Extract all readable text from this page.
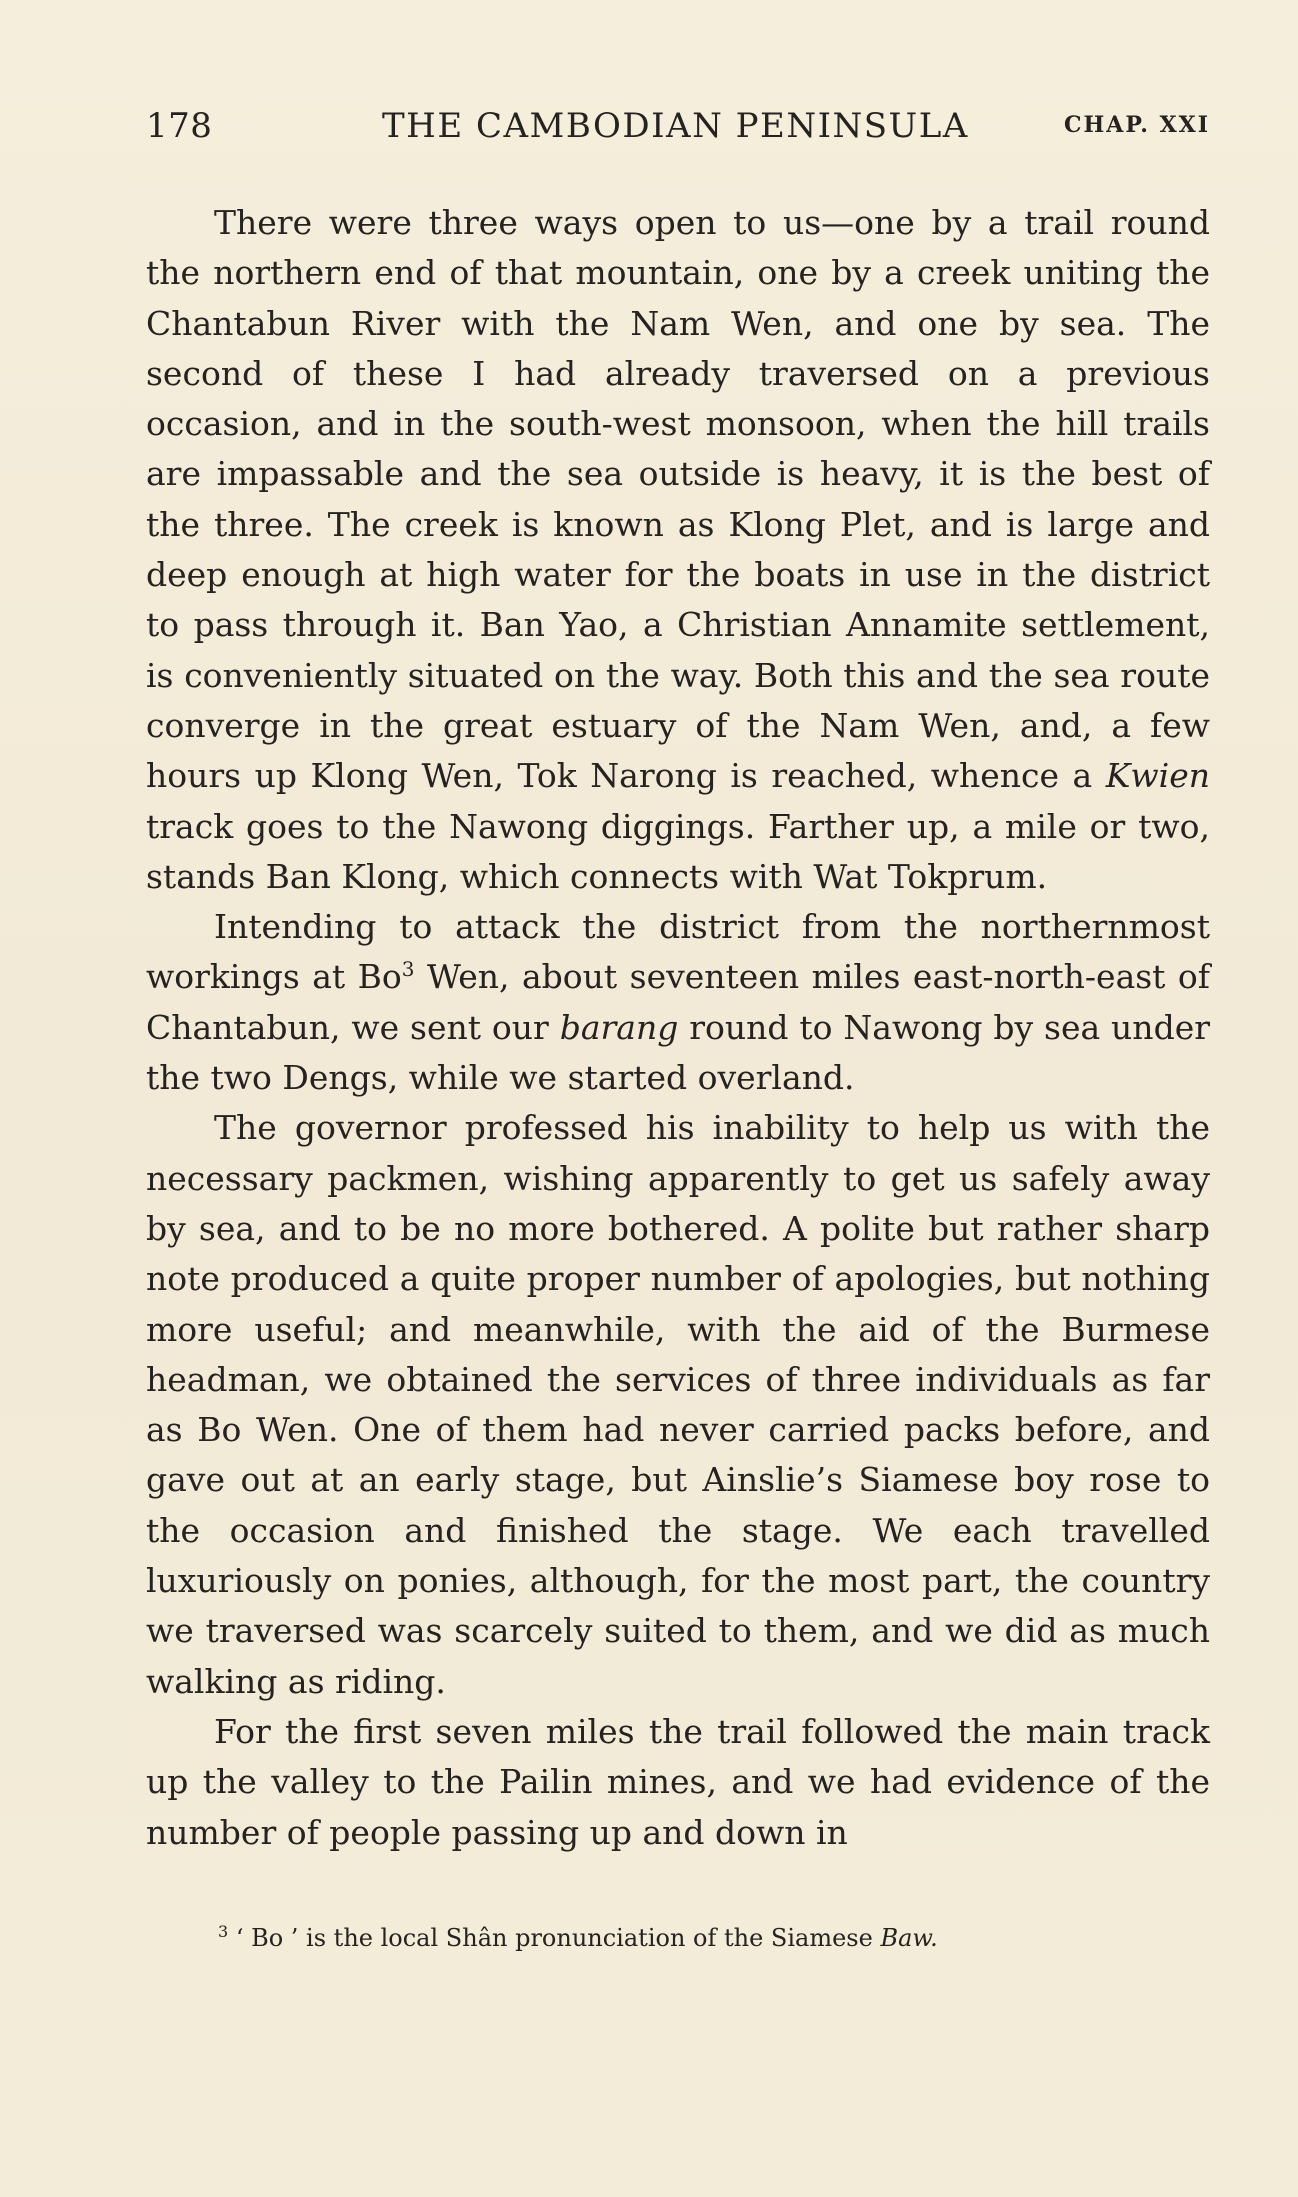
178	THE CAMBODIAN PENINSULA	CHAP. XXI

There were three ways open to us—one by a trail round the northern end of that mountain, one by a creek uniting the Chantabun River with the Nam Wen, and one by sea. The second of these I had already traversed on a previous occasion, and in the south-west monsoon, when the hill trails are impassable and the sea outside is heavy, it is the best of the three. The creek is known as Klong Plet, and is large and deep enough at high water for the boats in use in the district to pass through it. Ban Yao, a Christian Annamite settlement, is conveniently situated on the way. Both this and the sea route converge in the great estuary of the Nam Wen, and, a few hours up Klong Wen, Tok Narong is reached, whence a Kwien track goes to the Nawong diggings. Farther up, a mile or two, stands Ban Klong, which connects with Wat Tokprum.

Intending to attack the district from the northernmost workings at Bo$^3$ Wen, about seventeen miles east-north-east of Chantabun, we sent our barang round to Nawong by sea under the two Dengs, while we started overland.

The governor professed his inability to help us with the necessary packmen, wishing apparently to get us safely away by sea, and to be no more bothered. A polite but rather sharp note produced a quite proper number of apologies, but nothing more useful; and meanwhile, with the aid of the Burmese headman, we obtained the services of three individuals as far as Bo Wen. One of them had never carried packs before, and gave out at an early stage, but Ainslie’s Siamese boy rose to the occasion and finished the stage. We each travelled luxuriously on ponies, although, for the most part, the country we traversed was scarcely suited to them, and we did as much walking as riding.

For the first seven miles the trail followed the main track up the valley to the Pailin mines, and we had evidence of the number of people passing up and down in

$^3$ ‘ Bo ’ is the local Shân pronunciation of the Siamese Baw.
